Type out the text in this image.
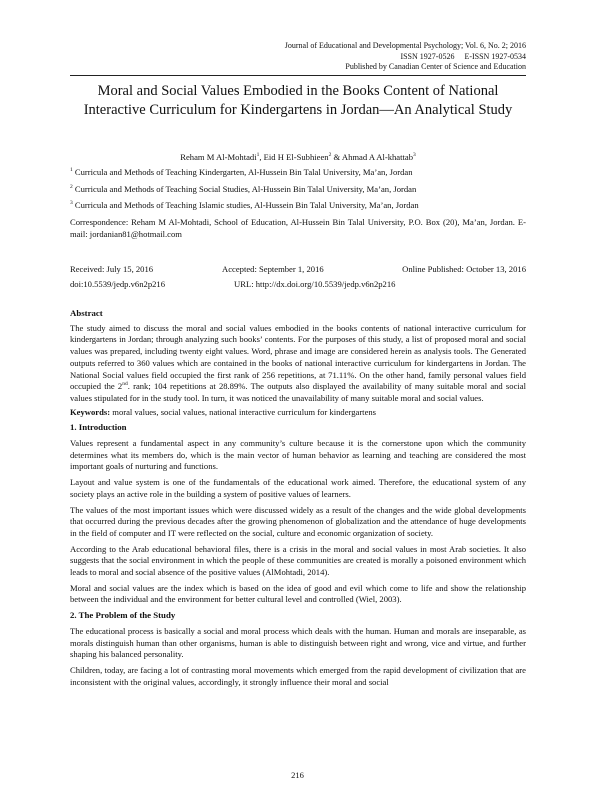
Journal of Educational and Developmental Psychology; Vol. 6, No. 2; 2016
ISSN 1927-0526     E-ISSN 1927-0534
Published by Canadian Center of Science and Education
Moral and Social Values Embodied in the Books Content of National Interactive Curriculum for Kindergartens in Jordan—An Analytical Study
Reham M Al-Mohtadi$^1$, Eid H El-Subhieen$^2$ & Ahmad A Al-khattab$^3$
$^1$ Curricula and Methods of Teaching Kindergarten, Al-Hussein Bin Talal University, Ma’an, Jordan
$^2$ Curricula and Methods of Teaching Social Studies, Al-Hussein Bin Talal University, Ma’an, Jordan
$^3$ Curricula and Methods of Teaching Islamic studies, Al-Hussein Bin Talal University, Ma’an, Jordan
Correspondence: Reham M Al-Mohtadi, School of Education, Al-Hussein Bin Talal University, P.O. Box (20), Ma’an, Jordan. E-mail: jordanian81@hotmail.com
Received: July 15, 2016	Accepted: September 1, 2016	Online Published: October 13, 2016
doi:10.5539/jedp.v6n2p216	URL: http://dx.doi.org/10.5539/jedp.v6n2p216
Abstract

The study aimed to discuss the moral and social values embodied in the books contents of national interactive curriculum for kindergartens in Jordan; through analyzing such books’ contents. For the purposes of this study, a list of proposed moral and social values was prepared, including twenty eight values. Word, phrase and image are considered herein as analysis tools. The Generated outputs referred to 360 values which are contained in the books of national interactive curriculum for kindergartens in Jordan. The National Social values field occupied the first rank of 256 repetitions, at 71.11%. On the other hand, family personal values field occupied the 2nd. rank; 104 repetitions at 28.89%. The outputs also displayed the availability of many suitable moral and social values stipulated for in the study tool. In turn, it was noticed the unavailability of many suitable moral and social values.

Keywords: moral values, social values, national interactive curriculum for kindergartens

1. Introduction

Values represent a fundamental aspect in any community’s culture because it is the cornerstone upon which the community determines what its members do, which is the main vector of human behavior as learning and teaching are considered the most important goals of nurturing and functions.

Layout and value system is one of the fundamentals of the educational work aimed. Therefore, the educational system of any society plays an active role in the building a system of positive values of learners.

The values of the most important issues which were discussed widely as a result of the changes and the wide global developments that occurred during the previous decades after the growing phenomenon of globalization and the attendance of huge developments in the field of computer and IT were reflected on the social, culture and economic organization of society.

According to the Arab educational behavioral files, there is a crisis in the moral and social values in most Arab societies. It also suggests that the social environment in which the people of these communities are created is morally a poisoned environment which leads to moral and social absence of the positive values (AlMohtadi, 2014).

Moral and social values are the index which is based on the idea of good and evil which come to life and show the relationship between the individual and the environment for better cultural level and controlled (Wiel, 2003).

2. The Problem of the Study

The educational process is basically a social and moral process which deals with the human. Human and morals are inseparable, as morals distinguish human than other organisms, human is able to distinguish between right and wrong, vice and virtue, and further shaping his balanced personality.

Children, today, are facing a lot of contrasting moral movements which emerged from the rapid development of civilization that are inconsistent with the original values, accordingly, it strongly influence their moral and social

216
